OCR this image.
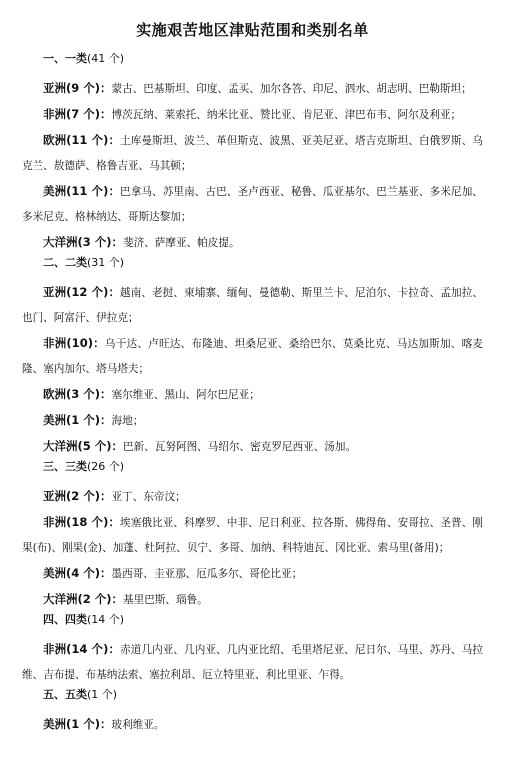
实施艰苦地区津贴范围和类别名单
一、一类(41 个)
亚洲(9 个)：蒙古、巴基斯坦、印度、孟买、加尔各答、印尼、泗水、胡志明、巴勒斯坦；
非洲(7 个)：博茨瓦纳、莱索托、纳米比亚、赞比亚、肯尼亚、津巴布韦、阿尔及利亚；
欧洲(11 个)：土库曼斯坦、波兰、革但斯克、波黑、亚美尼亚、塔吉克斯坦、白俄罗斯、乌克兰、敖德萨、格鲁吉亚、马其顿；
美洲(11 个)：巴拿马、苏里南、古巴、圣卢西亚、秘鲁、瓜亚基尔、巴兰基亚、多米尼加、多米尼克、格林纳达、哥斯达黎加；
大洋洲(3 个)：斐济、萨摩亚、帕皮提。
二、二类(31 个)
亚洲(12 个)：越南、老挝、柬埔寨、缅甸、曼德勒、斯里兰卡、尼泊尔、卡拉奇、孟加拉、也门、阿富汗、伊拉克；
非洲(10)：乌干达、卢旺达、布隆迪、坦桑尼亚、桑给巴尔、莫桑比克、马达加斯加、喀麦隆、塞内加尔、塔马塔夫；
欧洲(3 个)：塞尔维亚、黑山、阿尔巴尼亚；
美洲(1 个)：海地；
大洋洲(5 个)：巴新、瓦努阿图、马绍尔、密克罗尼西亚、汤加。
三、三类(26 个)
亚洲(2 个)：亚丁、东帝汶；
非洲(18 个)：埃塞俄比亚、科摩罗、中非、尼日利亚、拉各斯、佛得角、安哥拉、圣普、刚果(布)、刚果(金)、加蓬、杜阿拉、贝宁、多哥、加纳、科特迪瓦、冈比亚、索马里(备用)；
美洲(4 个)：墨西哥、圭亚那、厄瓜多尔、哥伦比亚；
大洋洲(2 个)：基里巴斯、瑙鲁。
四、四类(14 个)
非洲(14 个)：赤道几内亚、几内亚、几内亚比绍、毛里塔尼亚、尼日尔、马里、苏丹、马拉维、吉布提、布基纳法索、塞拉利昂、厄立特里亚、利比里亚、乍得。
五、五类(1 个)
美洲(1 个)：玻利维亚。
